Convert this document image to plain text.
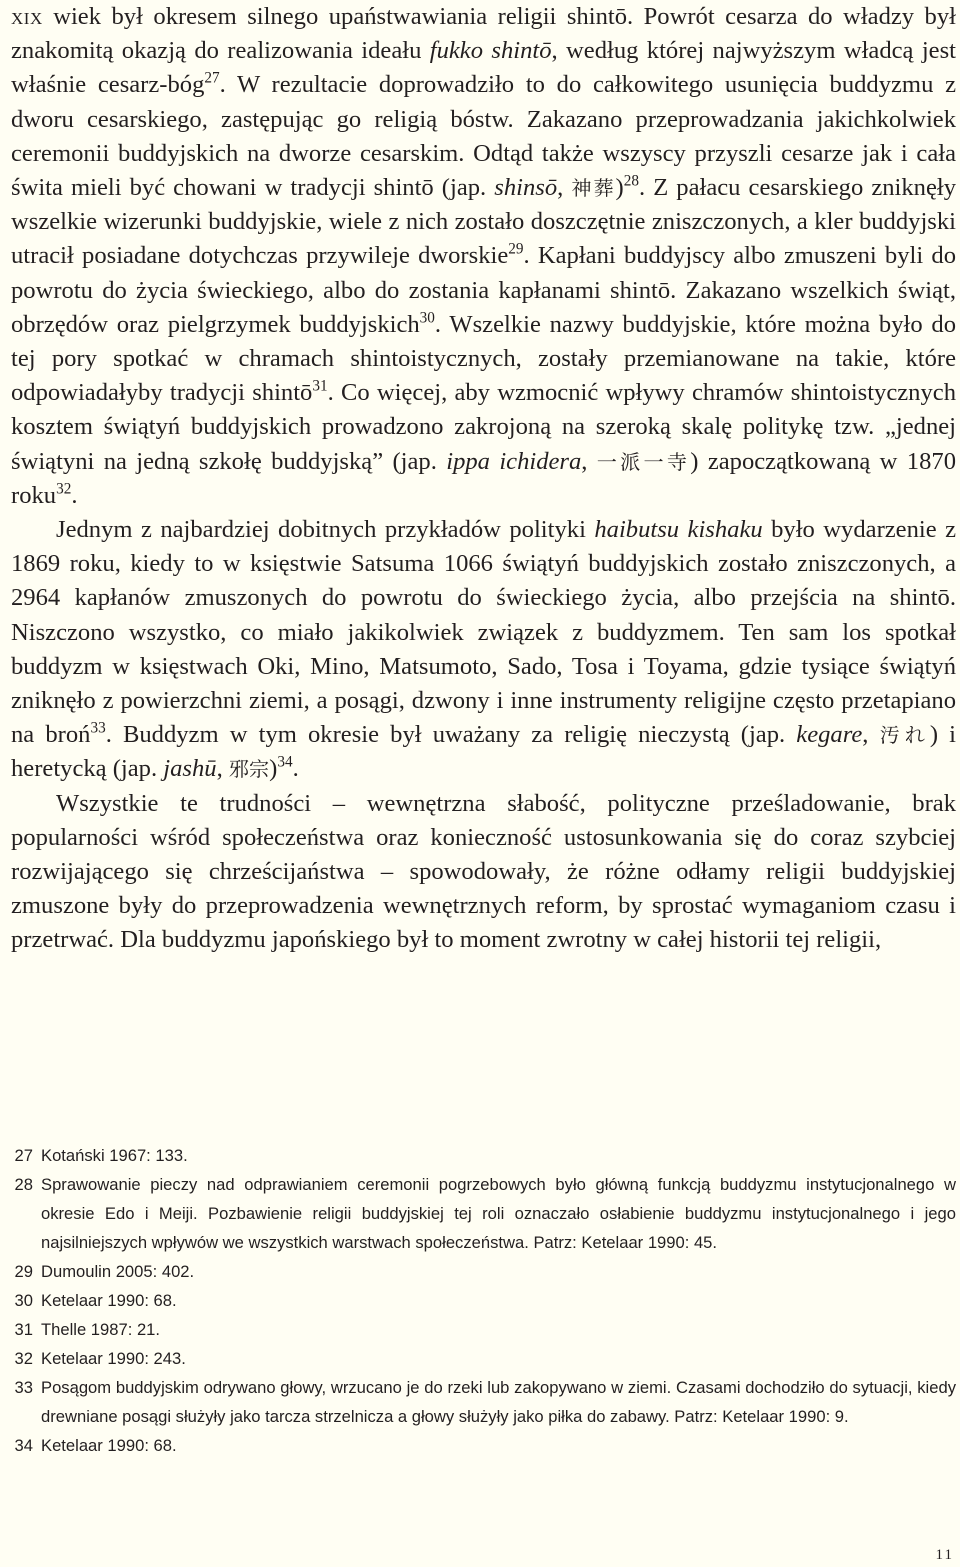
xix wiek był okresem silnego upaństwawiania religii shintō. Powrót cesarza do władzy był znakomitą okazją do realizowania ideału fukko shintō, według której najwyższym władcą jest właśnie cesarz-bóg$^{27}$. W rezultacie doprowadziło to do całkowitego usunięcia buddyzmu z dworu cesarskiego, zastępując go religią bóstw. Zakazano przeprowadzania jakichkolwiek ceremonii buddyjskich na dworze cesarskim. Odtąd także wszyscy przyszli cesarze jak i cała świta mieli być chowani w tradycji shintō (jap. shinsō, 神葬)$^{28}$. Z pałacu cesarskiego zniknęły wszelkie wizerunki buddyjskie, wiele z nich zostało doszczętnie zniszczonych, a kler buddyjski utracił posiadane dotychczas przywileje dworskie$^{29}$. Kapłani buddyjscy albo zmuszeni byli do powrotu do życia świeckiego, albo do zostania kapłanami shintō. Zakazano wszelkich świąt, obrzędów oraz pielgrzymek buddyjskich$^{30}$. Wszelkie nazwy buddyjskie, które można było do tej pory spotkać w chramach shintoistycznych, zostały przemianowane na takie, które odpowiadałyby tradycji shintō$^{31}$. Co więcej, aby wzmocnić wpływy chramów shintoistycznych kosztem świątyń buddyjskich prowadzono zakrojoną na szeroką skalę politykę tzw. „jednej świątyni na jedną szkołę buddyjską” (jap. ippa ichidera, 一派一寺) zapoczątkowaną w 1870 roku$^{32}$.

Jednym z najbardziej dobitnych przykładów polityki haibutsu kishaku było wydarzenie z 1869 roku, kiedy to w księstwie Satsuma 1066 świątyń buddyjskich zostało zniszczonych, a 2964 kapłanów zmuszonych do powrotu do świeckiego życia, albo przejścia na shintō. Niszczono wszystko, co miało jakikolwiek związek z buddyzmem. Ten sam los spotkał buddyzm w księstwach Oki, Mino, Matsumoto, Sado, Tosa i Toyama, gdzie tysiące świątyń zniknęło z powierzchni ziemi, a posągi, dzwony i inne instrumenty religijne często przetapiano na broń$^{33}$. Buddyzm w tym okresie był uważany za religię nieczystą (jap. kegare, 汚れ) i heretycką (jap. jashū, 邪宗)$^{34}$.

Wszystkie te trudności – wewnętrzna słabość, polityczne prześladowanie, brak popularności wśród społeczeństwa oraz konieczność ustosunkowania się do coraz szybciej rozwijającego się chrześcijaństwa – spowodowały, że różne odłamy religii buddyjskiej zmuszone były do przeprowadzenia wewnętrznych reform, by sprostać wymaganiom czasu i przetrwać. Dla buddyzmu japońskiego był to moment zwrotny w całej historii tej religii,

27 Kotański 1967: 133.
28 Sprawowanie pieczy nad odprawianiem ceremonii pogrzebowych było główną funkcją buddyzmu instytucjonalnego w okresie Edo i Meiji. Pozbawienie religii buddyjskiej tej roli oznaczało osłabienie buddyzmu instytucjonalnego i jego najsilniejszych wpływów we wszystkich warstwach społeczeństwa. Patrz: Ketelaar 1990: 45.
29 Dumoulin 2005: 402.
30 Ketelaar 1990: 68.
31 Thelle 1987: 21.
32 Ketelaar 1990: 243.
33 Posągom buddyjskim odrywano głowy, wrzucano je do rzeki lub zakopywano w ziemi. Czasami dochodziło do sytuacji, kiedy drewniane posągi służyły jako tarcza strzelnicza a głowy służyły jako piłka do zabawy. Patrz: Ketelaar 1990: 9.
34 Ketelaar 1990: 68.
11
